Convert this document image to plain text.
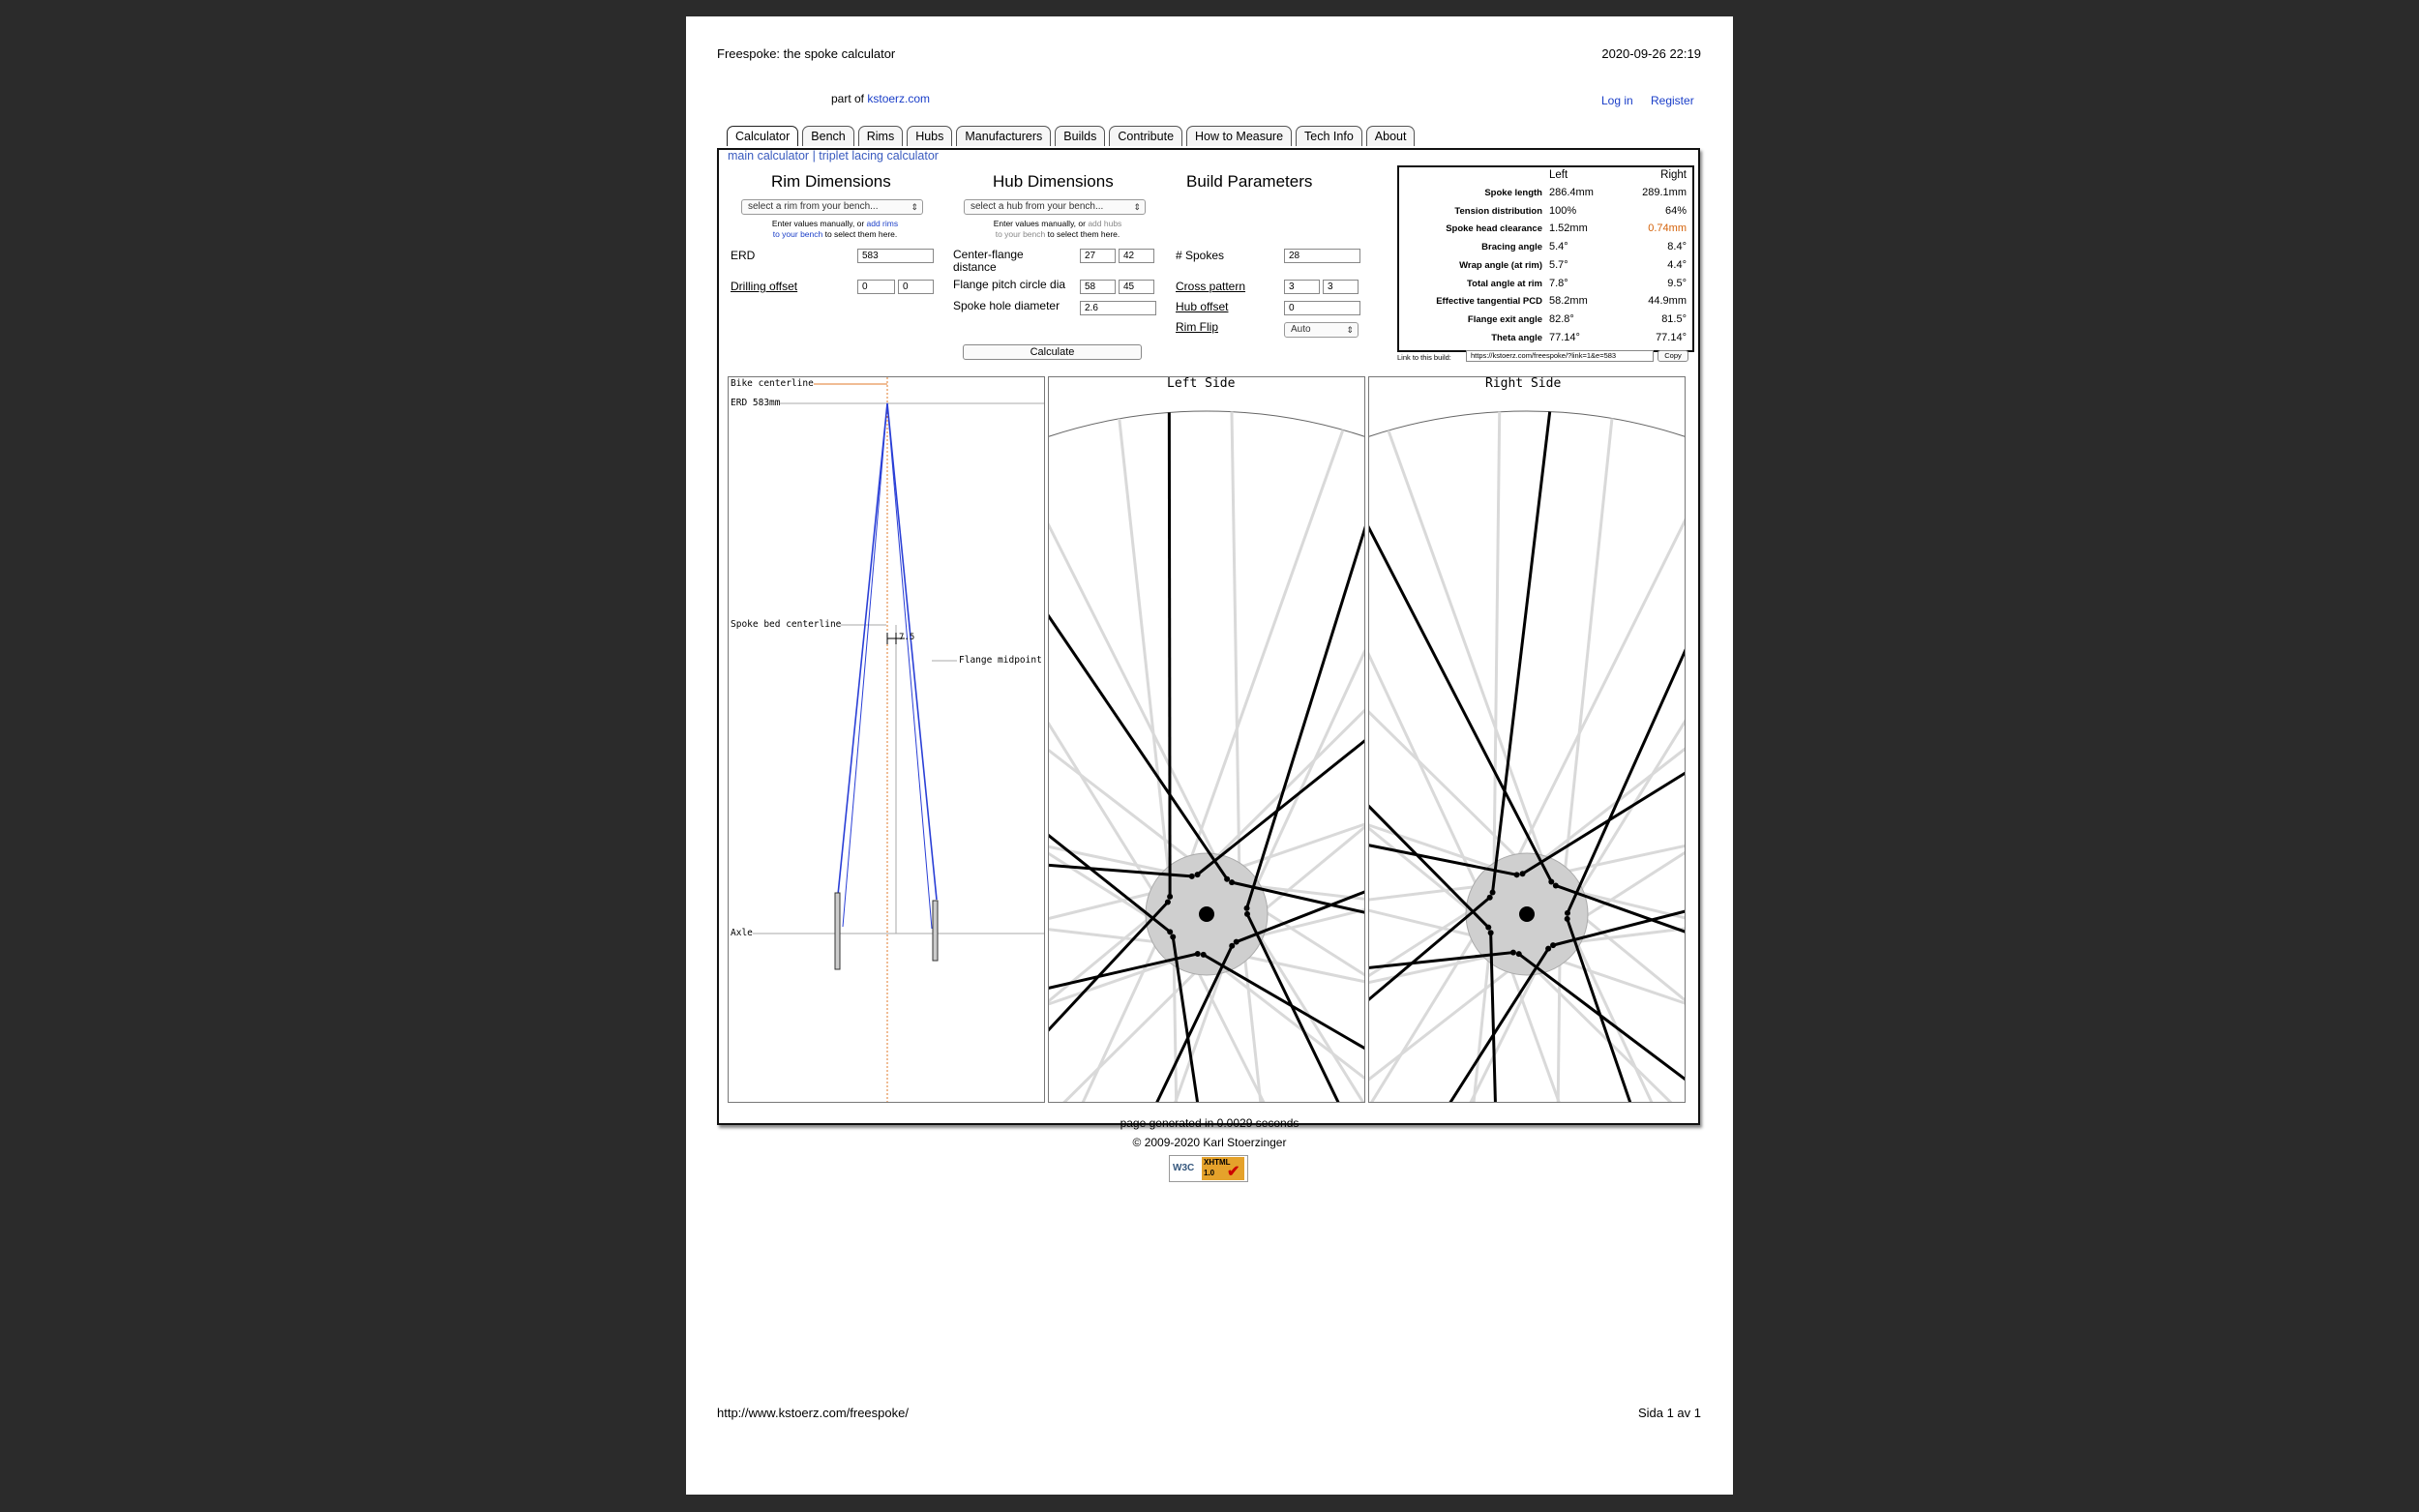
Freespoke: the spoke calculator	2020-09-26 22:19
part of kstoerz.com	Log in Register
Calculator	Bench	Rims	Hubs	Manufacturers	Builds	Contribute	How to Measure	Tech Info	About
main calculator | triplet lacing calculator
Rim Dimensions
select a rim from your bench...	⇕
Enter values manually, or add rims
to your bench to select them here.
ERD	583
Drilling offset	0	0
Hub Dimensions
select a hub from your bench...	⇕
Enter values manually, or add hubs
to your bench to select them here.
Center-flange
distance
27	42
Flange pitch circle dia	58	45
Spoke hole diameter	2.6
Calculate
Build Parameters
# Spokes	28
Cross pattern	3	3
Hub offset	0
Rim Flip	Auto	⇕
Left	Right
Spoke length 286.4mm	289.1mm
Tension distribution 100%	64%
Spoke head clearance 1.52mm	0.74mm
Bracing angle 5.4°	8.4°
Wrap angle (at rim) 5.7°	4.4°
Total angle at rim 7.8°	9.5°
Effective tangential PCD 58.2mm	44.9mm
Flange exit angle 82.8°	81.5°
Theta angle 77.14°	77.14°
Link to this build:	https://kstoerz.com/freespoke/?link=1&e=583	Copy
Bike centerline
ERD 583mm
Spoke bed centerline
7.5
Flange midpoint
Axle
Left Side	Right Side
page generated in 0.0029 seconds
© 2009-2020 Karl Stoerzinger
W3C
XHTML
1.0 ✔
http://www.kstoerz.com/freespoke/	Sida 1 av 1
